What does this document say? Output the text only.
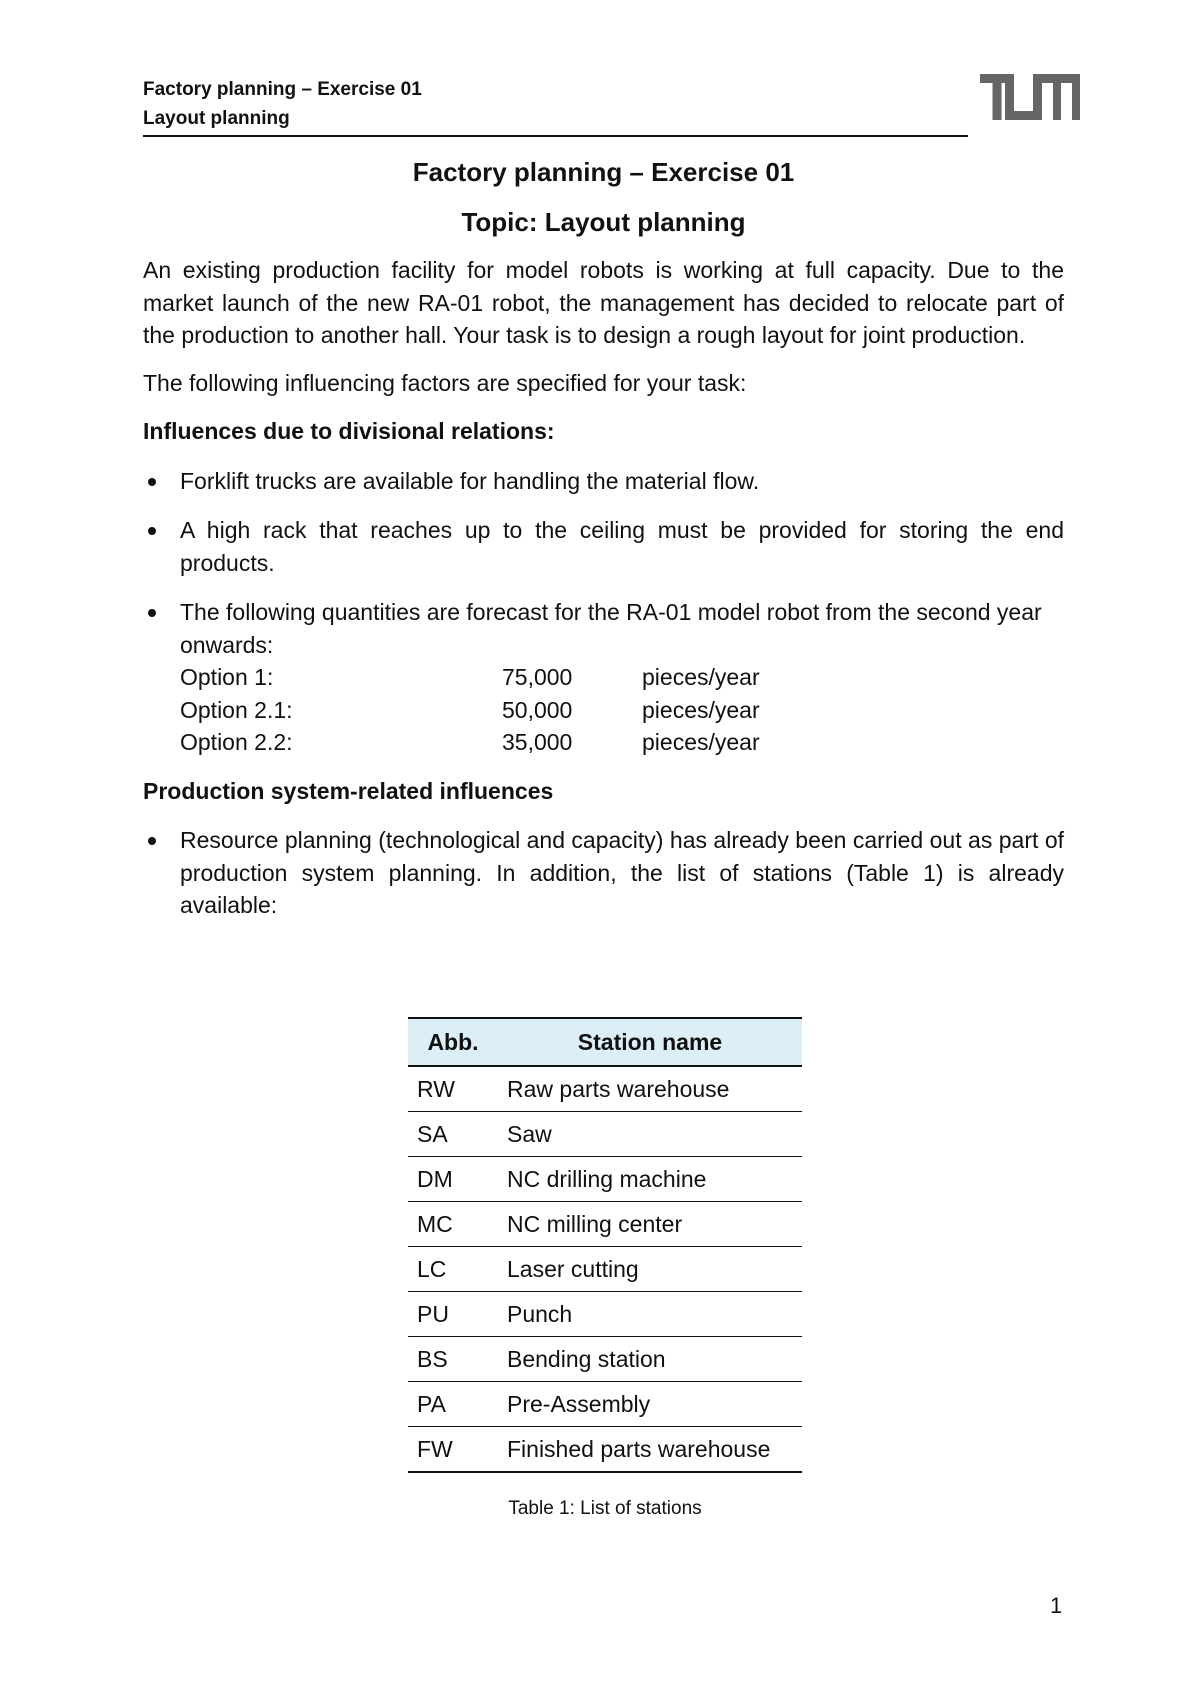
Factory planning – Exercise 01
Layout planning
Factory planning – Exercise 01
Topic: Layout planning

An existing production facility for model robots is working at full capacity. Due to the market launch of the new RA-01 robot, the management has decided to relocate part of the production to another hall. Your task is to design a rough layout for joint production.

The following influencing factors are specified for your task:

Influences due to divisional relations:

Forklift trucks are available for handling the material flow.
A high rack that reaches up to the ceiling must be provided for storing the end products.
The following quantities are forecast for the RA-01 model robot from the second year onwards:
Option 1:	75,000	pieces/year
Option 2.1:	50,000	pieces/year
Option 2.2:	35,000	pieces/year

Production system-related influences

Resource planning (technological and capacity) has already been carried out as part of production system planning. In addition, the list of stations (Table 1) is already available:
Abb.	Station name
RW	Raw parts warehouse
SA	Saw
DM	NC drilling machine
MC	NC milling center
LC	Laser cutting
PU	Punch
BS	Bending station
PA	Pre-Assembly
FW	Finished parts warehouse
Table 1: List of stations
1
